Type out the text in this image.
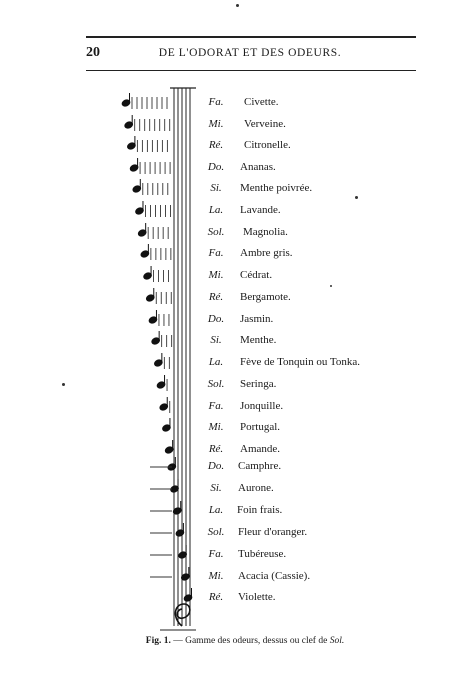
20	DE L'ODORAT ET DES ODEURS.
Fa.	Civette.
Mi.	Verveine.
Ré.	Citronelle.
Do.	Ananas.
Si.	Menthe poivrée.
La.	Lavande.
Sol.	Magnolia.
Fa.	Ambre gris.
Mi.	Cédrat.
Ré.	Bergamote.
Do.	Jasmin.
Si.	Menthe.
La.	Fève de Tonquin ou Tonka.
Sol.	Seringa.
Fa.	Jonquille.
Mi.	Portugal.
Ré.	Amande.
Do.	Camphre.
Si.	Aurone.
La.	Foin frais.
Sol.	Fleur d'oranger.
Fa.	Tubéreuse.
Mi.	Acacia (Cassie).
Ré.	Violette.
Fig. 1. — Gamme des odeurs, dessus ou clef de Sol.
